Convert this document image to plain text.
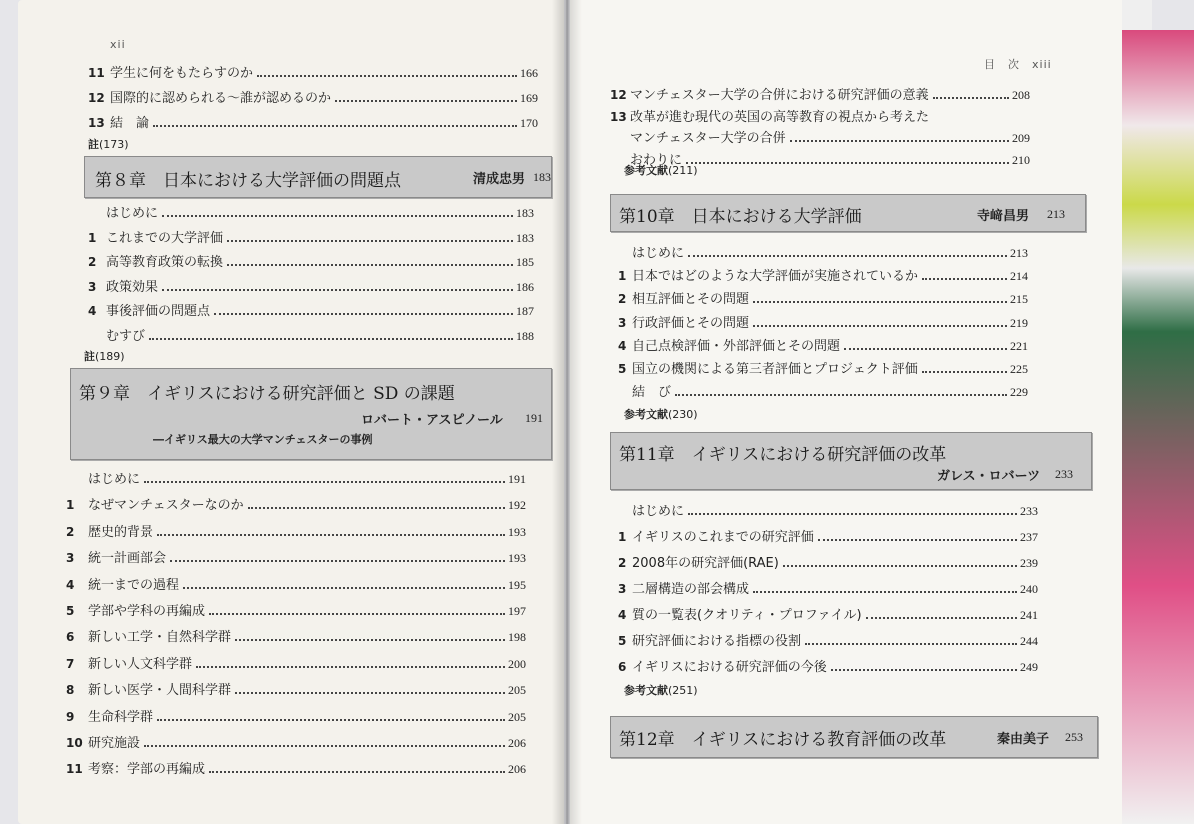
xii
11 学生に何をもたらすのか	166
12 国際的に認められる〜誰が認めるのか	169
13 結　論	170
註(173)
第８章　日本における大学評価の問題点	清成忠男 183
はじめに	183
1 これまでの大学評価	183
2 高等教育政策の転換	185
3 政策効果	186
4 事後評価の問題点	187
むすび	188
註(189)
第９章　イギリスにおける研究評価と SD の課題
ロバート・アスピノール 191
―イギリス最大の大学マンチェスターの事例
はじめに	191
1	なぜマンチェスターなのか	192
2	歴史的背景	193
3	統一計画部会	193
4	統一までの過程	195
5	学部や学科の再編成	197
6	新しい工学・自然科学群	198
7	新しい人文科学群	200
8	新しい医学・人間科学群	205
9	生命科学群	205
10 研究施設	206
11 考察：学部の再編成	206
目　次　xiii
12 マンチェスター大学の合併における研究評価の意義	208
13 改革が進む現代の英国の高等教育の視点から考えた
マンチェスター大学の合併	209
おわりに	210
参考文献(211)
第10章　日本における大学評価	寺﨑昌男 213
はじめに	213
1 日本ではどのような大学評価が実施されているか	214
2 相互評価とその問題	215
3 行政評価とその問題	219
4 自己点検評価・外部評価とその問題	221
5 国立の機関による第三者評価とプロジェクト評価	225
結　び	229
参考文献(230)
第11章　イギリスにおける研究評価の改革
ガレス・ロバーツ 233
はじめに	233
1 イギリスのこれまでの研究評価	237
2 2008年の研究評価(RAE)	239
3 二層構造の部会構成	240
4 質の一覧表(クオリティ・プロファイル)	241
5 研究評価における指標の役割	244
6 イギリスにおける研究評価の今後	249
参考文献(251)
第12章　イギリスにおける教育評価の改革	秦由美子 253
